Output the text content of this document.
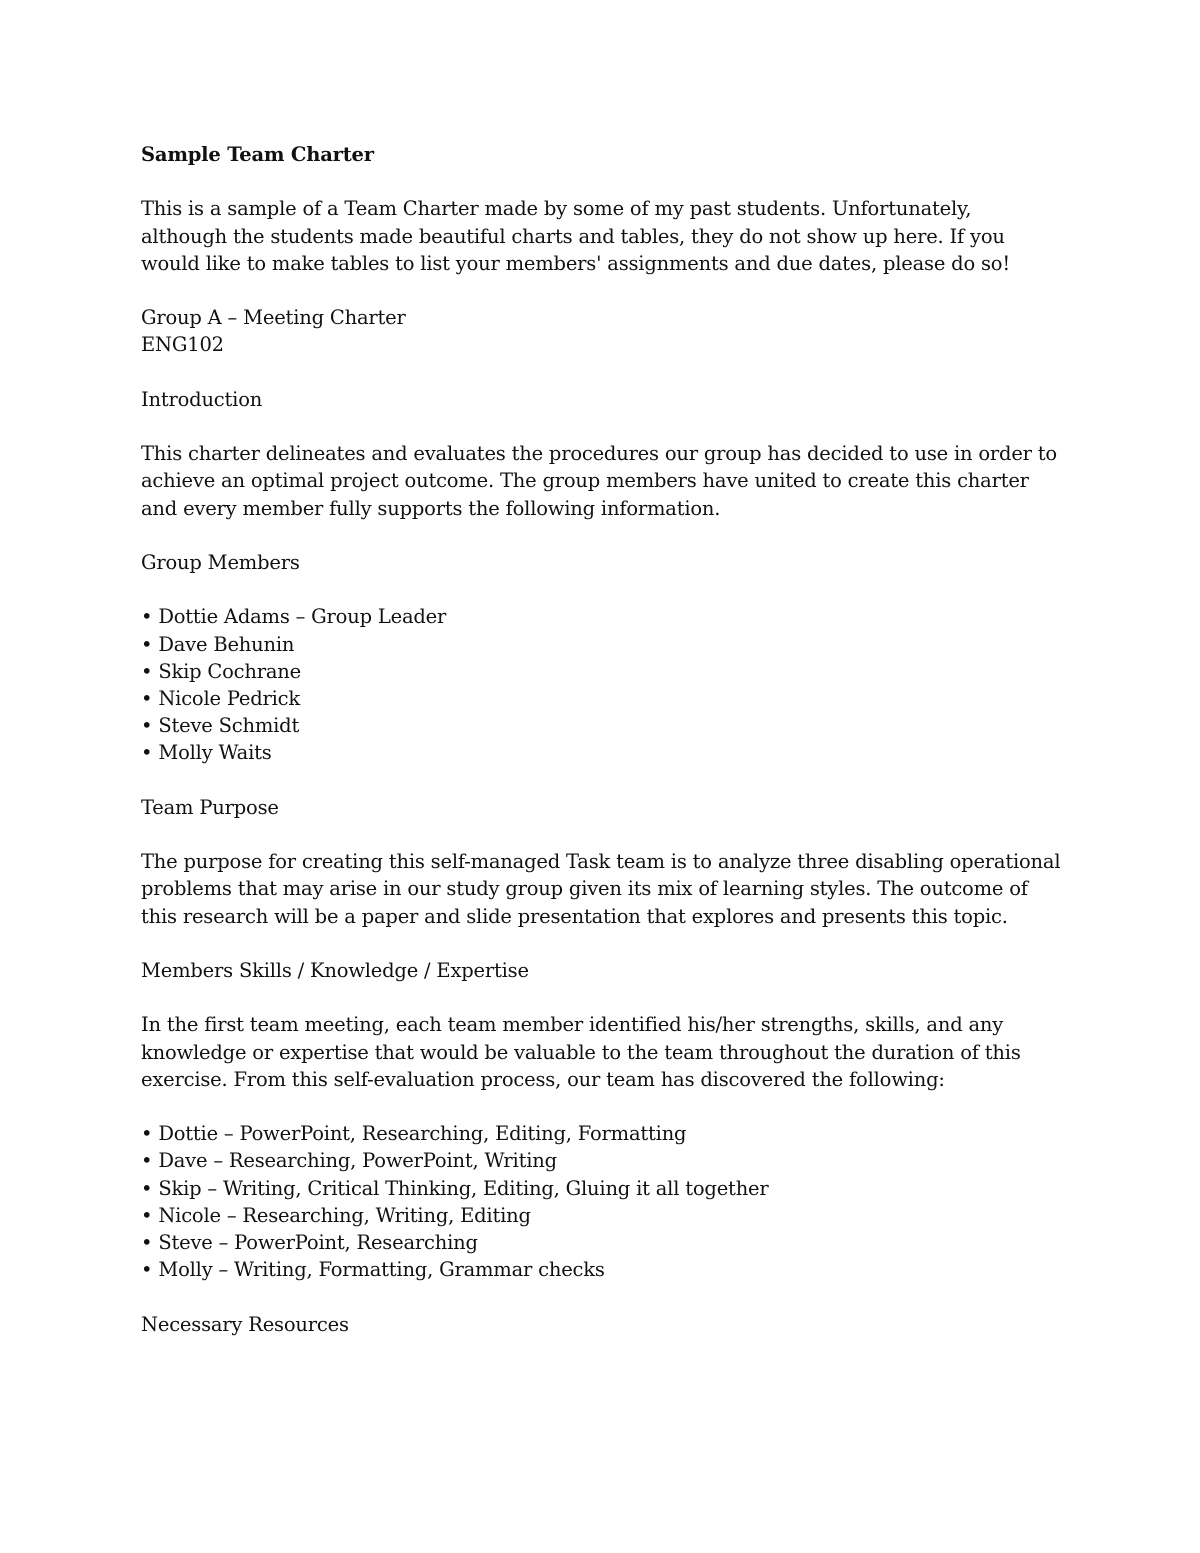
Sample Team Charter

This is a sample of a Team Charter made by some of my past students. Unfortunately, although the students made beautiful charts and tables, they do not show up here. If you would like to make tables to list your members' assignments and due dates, please do so!

Group A – Meeting Charter
ENG102

Introduction

This charter delineates and evaluates the procedures our group has decided to use in order to achieve an optimal project outcome. The group members have united to create this charter and every member fully supports the following information.

Group Members

• Dottie Adams – Group Leader
• Dave Behunin
• Skip Cochrane
• Nicole Pedrick
• Steve Schmidt
• Molly Waits

Team Purpose

The purpose for creating this self-managed Task team is to analyze three disabling operational problems that may arise in our study group given its mix of learning styles. The outcome of this research will be a paper and slide presentation that explores and presents this topic.

Members Skills / Knowledge / Expertise

In the first team meeting, each team member identified his/her strengths, skills, and any knowledge or expertise that would be valuable to the team throughout the duration of this exercise. From this self-evaluation process, our team has discovered the following:

• Dottie – PowerPoint, Researching, Editing, Formatting
• Dave – Researching, PowerPoint, Writing
• Skip – Writing, Critical Thinking, Editing, Gluing it all together
• Nicole – Researching, Writing, Editing
• Steve – PowerPoint, Researching
• Molly – Writing, Formatting, Grammar checks

Necessary Resources
